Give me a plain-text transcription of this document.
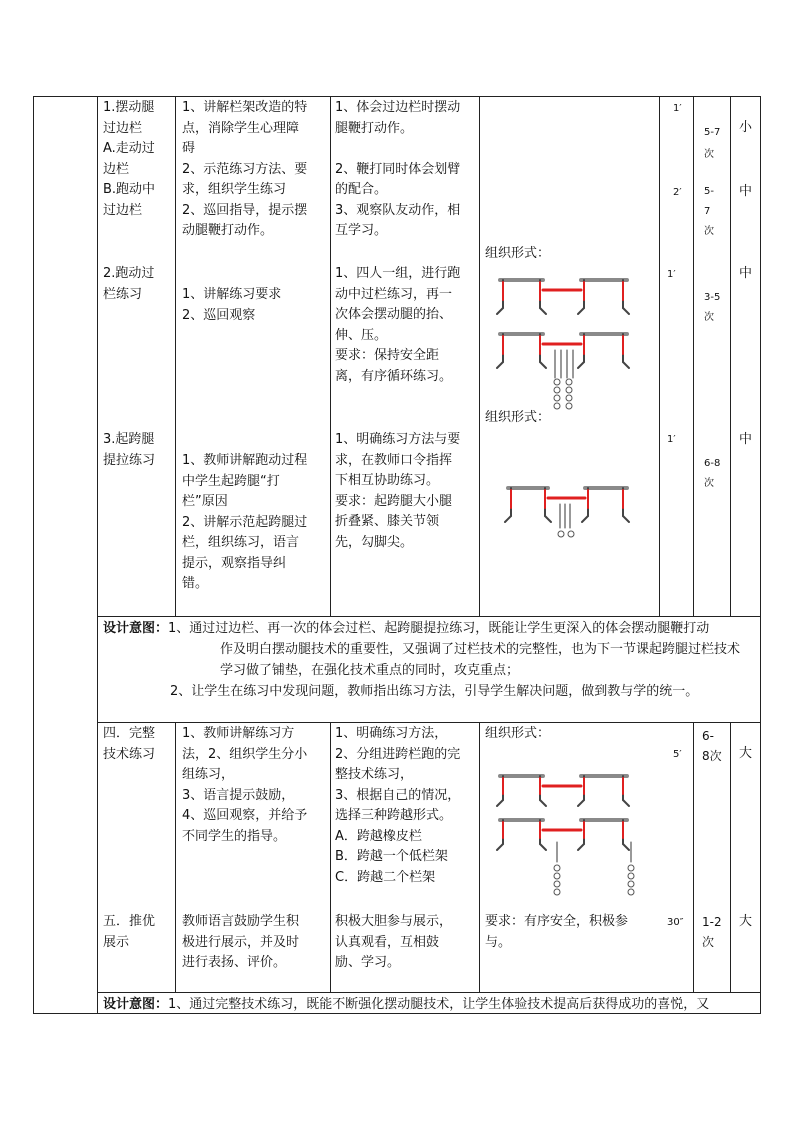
1.摆动腿
过边栏
A.走动过
边栏
B.跑动中
过边栏
2.跑动过
栏练习
3.起跨腿
提拉练习
1、讲解栏架改造的特
点，消除学生心理障
碍
2、示范练习方法、要
求，组织学生练习
2、巡回指导，提示摆
动腿鞭打动作。
1、讲解练习要求
2、巡回观察
1、教师讲解跑动过程
中学生起跨腿“打
栏”原因
2、讲解示范起跨腿过
栏，组织练习，语言
提示，观察指导纠
错。
1、体会过边栏时摆动
腿鞭打动作。

2、鞭打同时体会划臂
的配合。
3、观察队友动作，相
互学习。
1、四人一组，进行跑
动中过栏练习，再一
次体会摆动腿的抬、
伸、压。
要求：保持安全距
离，有序循环练习。
1、明确练习方法与要
求，在教师口令指挥
下相互协助练习。
要求：起跨腿大小腿
折叠紧、膝关节领
先，勾脚尖。
组织形式：
组织形式：
1′
2′
1′
1′
5-7
次
5-
7
次
3-5
次
6-8
次
小
中
中
中
设计意图：1、通过过边栏、再一次的体会过栏、起跨腿提拉练习，既能让学生更深入的体会摆动腿鞭打动
作及明白摆动腿技术的重要性，又强调了过栏技术的完整性，也为下一节课起跨腿过栏技术
学习做了铺垫，在强化技术重点的同时，攻克重点；
2、让学生在练习中发现问题，教师指出练习方法，引导学生解决问题，做到教与学的统一。
四．完整
技术练习
五．推优
展示
1、教师讲解练习方
法，2、组织学生分小
组练习，
3、语言提示鼓励，
4、巡回观察，并给予
不同学生的指导。
教师语言鼓励学生积
极进行展示，并及时
进行表扬、评价。
1、明确练习方法，
2、分组进跨栏跑的完
整技术练习，
3、根据自己的情况，
选择三种跨越形式。
A．跨越橡皮栏
B．跨越一个低栏架
C．跨越二个栏架
积极大胆参与展示，
认真观看，互相鼓
励、学习。
组织形式：
要求：有序安全，积极参
与。
5′
30″
6-
8次
1-2
次
大
大
设计意图：1、通过完整技术练习，既能不断强化摆动腿技术，让学生体验技术提高后获得成功的喜悦，又
